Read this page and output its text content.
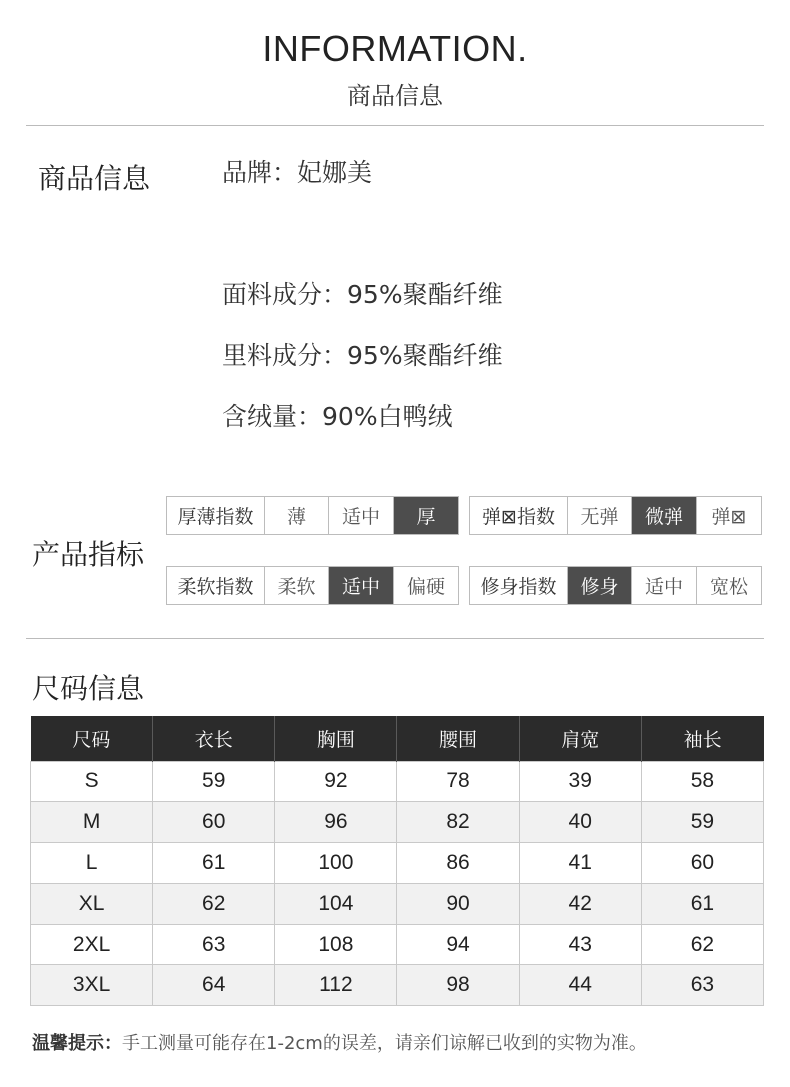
INFORMATION.
商品信息
商品信息	品牌：妃娜美
面料成分：95%聚酯纤维
里料成分：95%聚酯纤维
含绒量：90%白鸭绒
产品指标
厚薄指数	薄	适中	厚	弹⊠指数	无弹	微弹	弹⊠
柔软指数	柔软	适中	偏硬	修身指数	修身	适中	宽松
尺码信息
尺码	衣长	胸围	腰围	肩宽	袖长
S	59	92	78	39	58
M	60	96	82	40	59
L	61	100	86	41	60
XL	62	104	90	42	61
2XL	63	108	94	43	62
3XL	64	112	98	44	63
温馨提示：手工测量可能存在1-2cm的误差，请亲们谅解已收到的实物为准。
